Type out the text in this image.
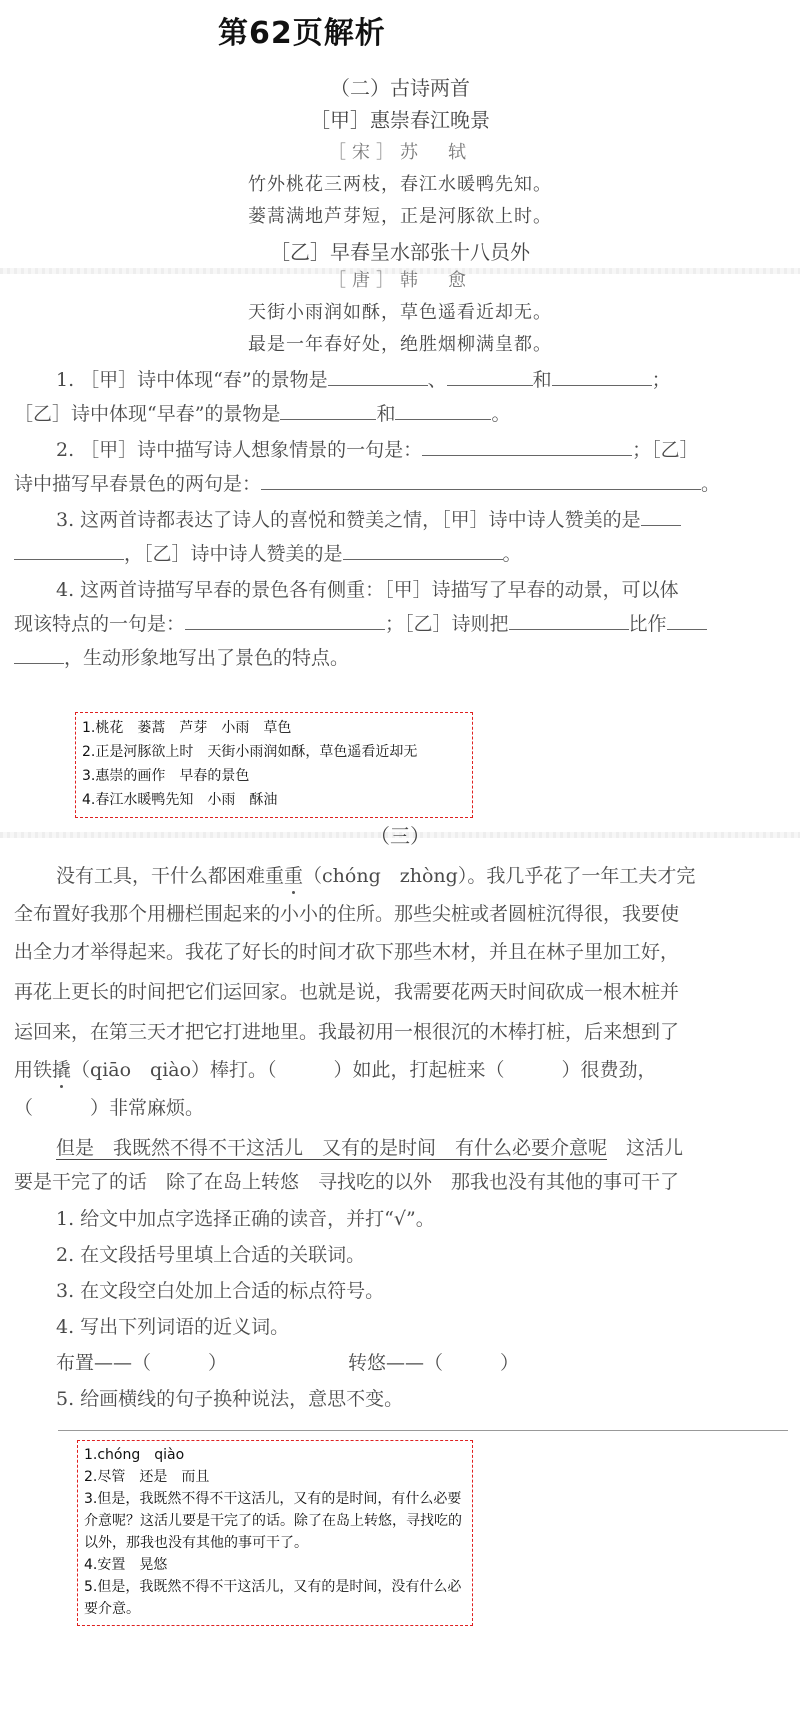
第62页解析
（二）古诗两首
［甲］惠崇春江晚景
［宋］苏　轼
竹外桃花三两枝，春江水暖鸭先知。
蒌蒿满地芦芽短，正是河豚欲上时。
［乙］早春呈水部张十八员外
［唐］韩　愈
天街小雨润如酥，草色遥看近却无。
最是一年春好处，绝胜烟柳满皇都。
1. ［甲］诗中体现“春”的景物是	、	和	；
［乙］诗中体现“早春”的景物是	和	。
2. ［甲］诗中描写诗人想象情景的一句是：	；［乙］
诗中描写早春景色的两句是：	。
3. 这两首诗都表达了诗人的喜悦和赞美之情，［甲］诗中诗人赞美的是
，［乙］诗中诗人赞美的是	。
4. 这两首诗描写早春的景色各有侧重：［甲］诗描写了早春的动景，可以体
现该特点的一句是：	；［乙］诗则把	比作
，生动形象地写出了景色的特点。
1.桃花　蒌蒿　芦芽　小雨　草色
2.正是河豚欲上时　天街小雨润如酥，草色遥看近却无
3.惠崇的画作　早春的景色
4.春江水暖鸭先知　小雨　酥油
（三）
没有工具，干什么都困难重重（chóng　zhòng）。我几乎花了一年工夫才完
全布置好我那个用栅栏围起来的小小的住所。那些尖桩或者圆桩沉得很，我要使
出全力才举得起来。我花了好长的时间才砍下那些木材，并且在林子里加工好，
再花上更长的时间把它们运回家。也就是说，我需要花两天时间砍成一根木桩并
运回来，在第三天才把它打进地里。我最初用一根很沉的木棒打桩，后来想到了
用铁撬（qiāo　qiào）棒打。（　　　）如此，打起桩来（　　　）很费劲，
（　　　）非常麻烦。
但是　我既然不得不干这活儿　又有的是时间　有什么必要介意呢　这活儿
要是干完了的话　除了在岛上转悠　寻找吃的以外　那我也没有其他的事可干了
1. 给文中加点字选择正确的读音，并打“√”。
2. 在文段括号里填上合适的关联词。
3. 在文段空白处加上合适的标点符号。
4. 写出下列词语的近义词。
布置——（　　　）	转悠——（　　　）
5. 给画横线的句子换种说法，意思不变。
1.chóng　qiào
2.尽管　还是　而且
3.但是，我既然不得不干这活儿，又有的是时间，有什么必要介意呢？这活儿要是干完了的话。除了在岛上转悠，寻找吃的以外，那我也没有其他的事可干了。
4.安置　晃悠
5.但是，我既然不得不干这活儿，又有的是时间，没有什么必要介意。
